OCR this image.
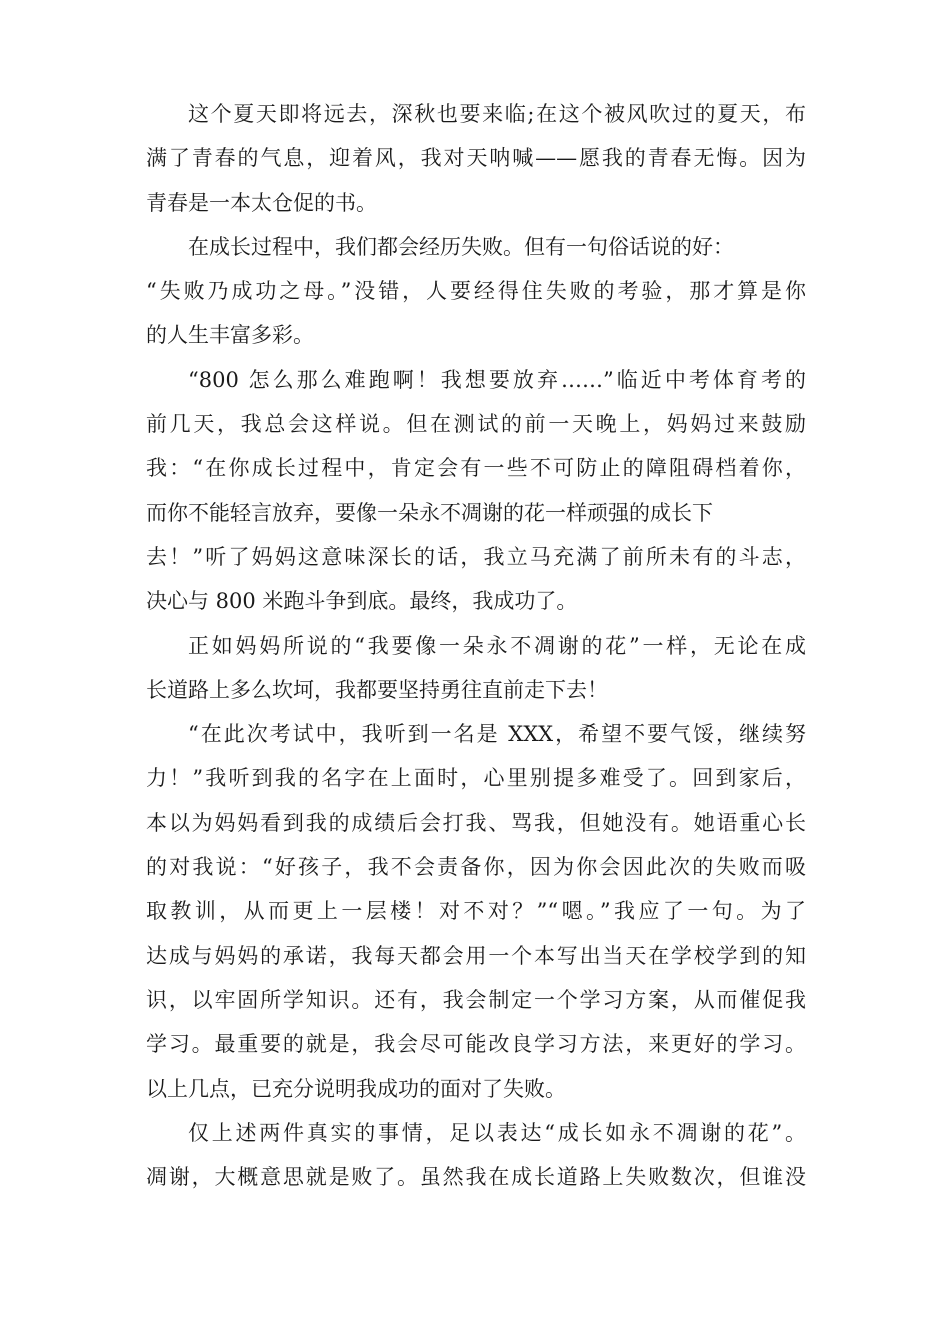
这个夏天即将远去，深秋也要来临;在这个被风吹过的夏天，布
满了青春的气息，迎着风，我对天呐喊——愿我的青春无悔。因为
青春是一本太仓促的书。
在成长过程中，我们都会经历失败。但有一句俗话说的好：
“失败乃成功之母。”没错，人要经得住失败的考验，那才算是你
的人生丰富多彩。
“800 怎么那么难跑啊！我想要放弃……”临近中考体育考的
前几天，我总会这样说。但在测试的前一天晚上，妈妈过来鼓励
我：“在你成长过程中，肯定会有一些不可防止的障阻碍档着你，
而你不能轻言放弃，要像一朵永不凋谢的花一样顽强的成长下
去！”听了妈妈这意味深长的话，我立马充满了前所未有的斗志，
决心与 800 米跑斗争到底。最终，我成功了。
正如妈妈所说的“我要像一朵永不凋谢的花”一样，无论在成
长道路上多么坎坷，我都要坚持勇往直前走下去！
“在此次考试中，我听到一名是 XXX，希望不要气馁，继续努
力！”我听到我的名字在上面时，心里别提多难受了。回到家后，
本以为妈妈看到我的成绩后会打我、骂我，但她没有。她语重心长
的对我说：“好孩子，我不会责备你，因为你会因此次的失败而吸
取教训，从而更上一层楼！对不对？”“嗯。”我应了一句。为了
达成与妈妈的承诺，我每天都会用一个本写出当天在学校学到的知
识，以牢固所学知识。还有，我会制定一个学习方案，从而催促我
学习。最重要的就是，我会尽可能改良学习方法，来更好的学习。
以上几点，已充分说明我成功的面对了失败。
仅上述两件真实的事情，足以表达“成长如永不凋谢的花”。
凋谢，大概意思就是败了。虽然我在成长道路上失败数次，但谁没
